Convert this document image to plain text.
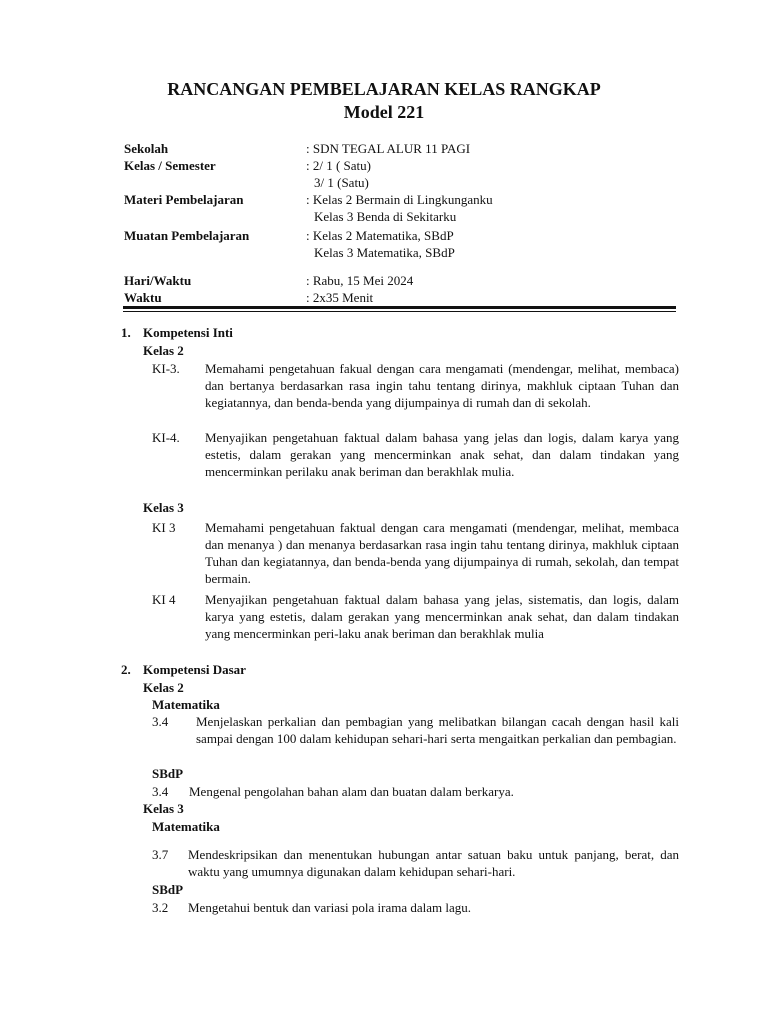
RANCANGAN PEMBELAJARAN KELAS RANGKAP
Model 221
Sekolah	: SDN TEGAL ALUR 11 PAGI
Kelas / Semester	: 2/ 1 ( Satu)
3/ 1 (Satu)
Materi Pembelajaran	: Kelas 2 Bermain di Lingkunganku
Kelas 3 Benda di Sekitarku
Muatan Pembelajaran	: Kelas 2 Matematika, SBdP
Kelas 3 Matematika, SBdP
Hari/Waktu	: Rabu, 15 Mei 2024
Waktu	: 2x35 Menit
1. Kompetensi Inti
Kelas 2
KI-3. Memahami pengetahuan fakual dengan cara mengamati (mendengar, melihat, membaca) dan bertanya berdasarkan rasa ingin tahu tentang dirinya, makhluk ciptaan Tuhan dan kegiatannya, dan benda-benda yang dijumpainya di rumah dan di sekolah.
KI-4. Menyajikan pengetahuan faktual dalam bahasa yang jelas dan logis, dalam karya yang estetis, dalam gerakan yang mencerminkan anak sehat, dan dalam tindakan yang mencerminkan perilaku anak beriman dan berakhlak mulia.
Kelas 3
KI 3 Memahami pengetahuan faktual dengan cara mengamati (mendengar, melihat, membaca dan menanya ) dan menanya berdasarkan rasa ingin tahu tentang dirinya, makhluk ciptaan Tuhan dan kegiatannya, dan benda-benda yang dijumpainya di rumah, sekolah, dan tempat bermain.
KI 4 Menyajikan pengetahuan faktual dalam bahasa yang jelas, sistematis, dan logis, dalam karya yang estetis, dalam gerakan yang mencerminkan anak sehat, dan dalam tindakan yang mencerminkan peri-laku anak beriman dan berakhlak mulia
2. Kompetensi Dasar
Kelas 2
Matematika
3.4 Menjelaskan perkalian dan pembagian yang melibatkan bilangan cacah dengan hasil kali sampai dengan 100 dalam kehidupan sehari-hari serta mengaitkan perkalian dan pembagian.
SBdP
3.4 Mengenal pengolahan bahan alam dan buatan dalam berkarya.
Kelas 3
Matematika
3.7 Mendeskripsikan dan menentukan hubungan antar satuan baku untuk panjang, berat, dan waktu yang umumnya digunakan dalam kehidupan sehari-hari.
SBdP
3.2 Mengetahui bentuk dan variasi pola irama dalam lagu.
